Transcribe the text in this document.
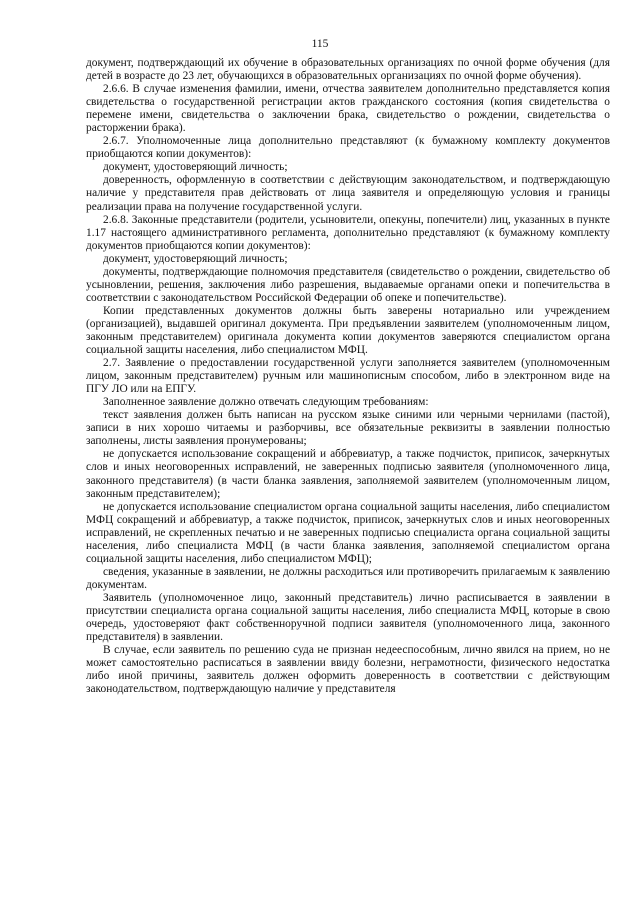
115

документ, подтверждающий их обучение в образовательных организациях по очной форме обучения (для детей в возрасте до 23 лет, обучающихся в образовательных организациях по очной форме обучения).

2.6.6. В случае изменения фамилии, имени, отчества заявителем дополнительно представляется копия свидетельства о государственной регистрации актов гражданского состояния (копия свидетельства о перемене имени, свидетельства о заключении брака, свидетельство о рождении, свидетельства о расторжении брака).

2.6.7. Уполномоченные лица дополнительно представляют (к бумажному комплекту документов приобщаются копии документов):

документ, удостоверяющий личность;

доверенность, оформленную в соответствии с действующим законодательством, и подтверждающую наличие у представителя прав действовать от лица заявителя и определяющую условия и границы реализации права на получение государственной услуги.

2.6.8. Законные представители (родители, усыновители, опекуны, попечители) лиц, указанных в пункте 1.17 настоящего административного регламента, дополнительно представляют (к бумажному комплекту документов приобщаются копии документов):

документ, удостоверяющий личность;

документы, подтверждающие полномочия представителя (свидетельство о рождении, свидетельство об усыновлении, решения, заключения либо разрешения, выдаваемые органами опеки и попечительства в соответствии с законодательством Российской Федерации об опеке и попечительстве).

Копии представленных документов должны быть заверены нотариально или учреждением (организацией), выдавшей оригинал документа. При предъявлении заявителем (уполномоченным лицом, законным представителем) оригинала документа копии документов заверяются специалистом органа социальной защиты населения, либо специалистом МФЦ.

2.7. Заявление о предоставлении государственной услуги заполняется заявителем (уполномоченным лицом, законным представителем) ручным или машинописным способом, либо в электронном виде на ПГУ ЛО или на ЕПГУ.

Заполненное заявление должно отвечать следующим требованиям:

текст заявления должен быть написан на русском языке синими или черными чернилами (пастой), записи в них хорошо читаемы и разборчивы, все обязательные реквизиты в заявлении полностью заполнены, листы заявления пронумерованы;

не допускается использование сокращений и аббревиатур, а также подчисток, приписок, зачеркнутых слов и иных неоговоренных исправлений, не заверенных подписью заявителя (уполномоченного лица, законного представителя) (в части бланка заявления, заполняемой заявителем (уполномоченным лицом, законным представителем);

не допускается использование специалистом органа социальной защиты населения, либо специалистом МФЦ сокращений и аббревиатур, а также подчисток, приписок, зачеркнутых слов и иных неоговоренных исправлений, не скрепленных печатью и не заверенных подписью специалиста органа социальной защиты населения, либо специалиста МФЦ (в части бланка заявления, заполняемой специалистом органа социальной защиты населения, либо специалистом МФЦ);

сведения, указанные в заявлении, не должны расходиться или противоречить прилагаемым к заявлению документам.

Заявитель (уполномоченное лицо, законный представитель) лично расписывается в заявлении в присутствии специалиста органа социальной защиты населения, либо специалиста МФЦ, которые в свою очередь, удостоверяют факт собственноручной подписи заявителя (уполномоченного лица, законного представителя) в заявлении.

В случае, если заявитель по решению суда не признан недееспособным, лично явился на прием, но не может самостоятельно расписаться в заявлении ввиду болезни, неграмотности, физического недостатка либо иной причины, заявитель должен оформить доверенность в соответствии с действующим законодательством, подтверждающую наличие у представителя
